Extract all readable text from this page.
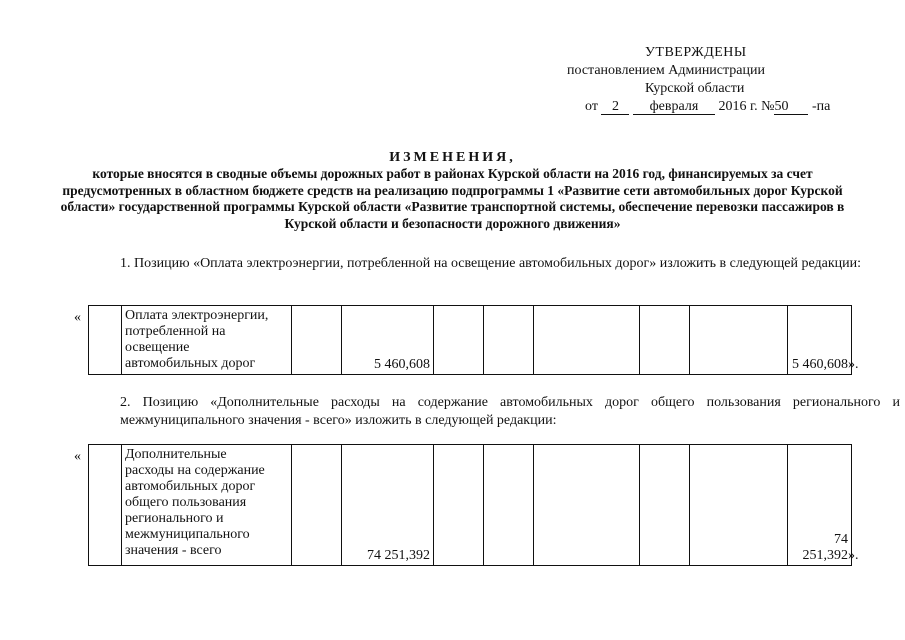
УТВЕРЖДЕНЫ
постановлением Администрации
Курской области
от 2 февраля 2016 г. №50 -па
ИЗМЕНЕНИЯ,
которые вносятся в сводные объемы дорожных работ в районах Курской области на 2016 год, финансируемых за счет предусмотренных в областном бюджете средств на реализацию подпрограммы 1 «Развитие сети автомобильных дорог Курской области» государственной программы Курской области «Развитие транспортной системы, обеспечение перевозки пассажиров в Курской области и безопасности дорожного движения»
1. Позицию «Оплата электроэнергии, потребленной на освещение автомобильных дорог» изложить в следующей редакции:
«
		Оплата электроэнергии,
потребленной на
освещение
автомобильных дорог		5 460,608						5 460,608 ».
2. Позицию «Дополнительные расходы на содержание автомобильных дорог общего пользования регионального и межмуниципального значения - всего» изложить в следующей редакции:
«
		Дополнительные
расходы на содержание
автомобильных дорог
общего пользования
регионального и
межмуниципального
значения - всего		74 251,392						74 251,392 ».
